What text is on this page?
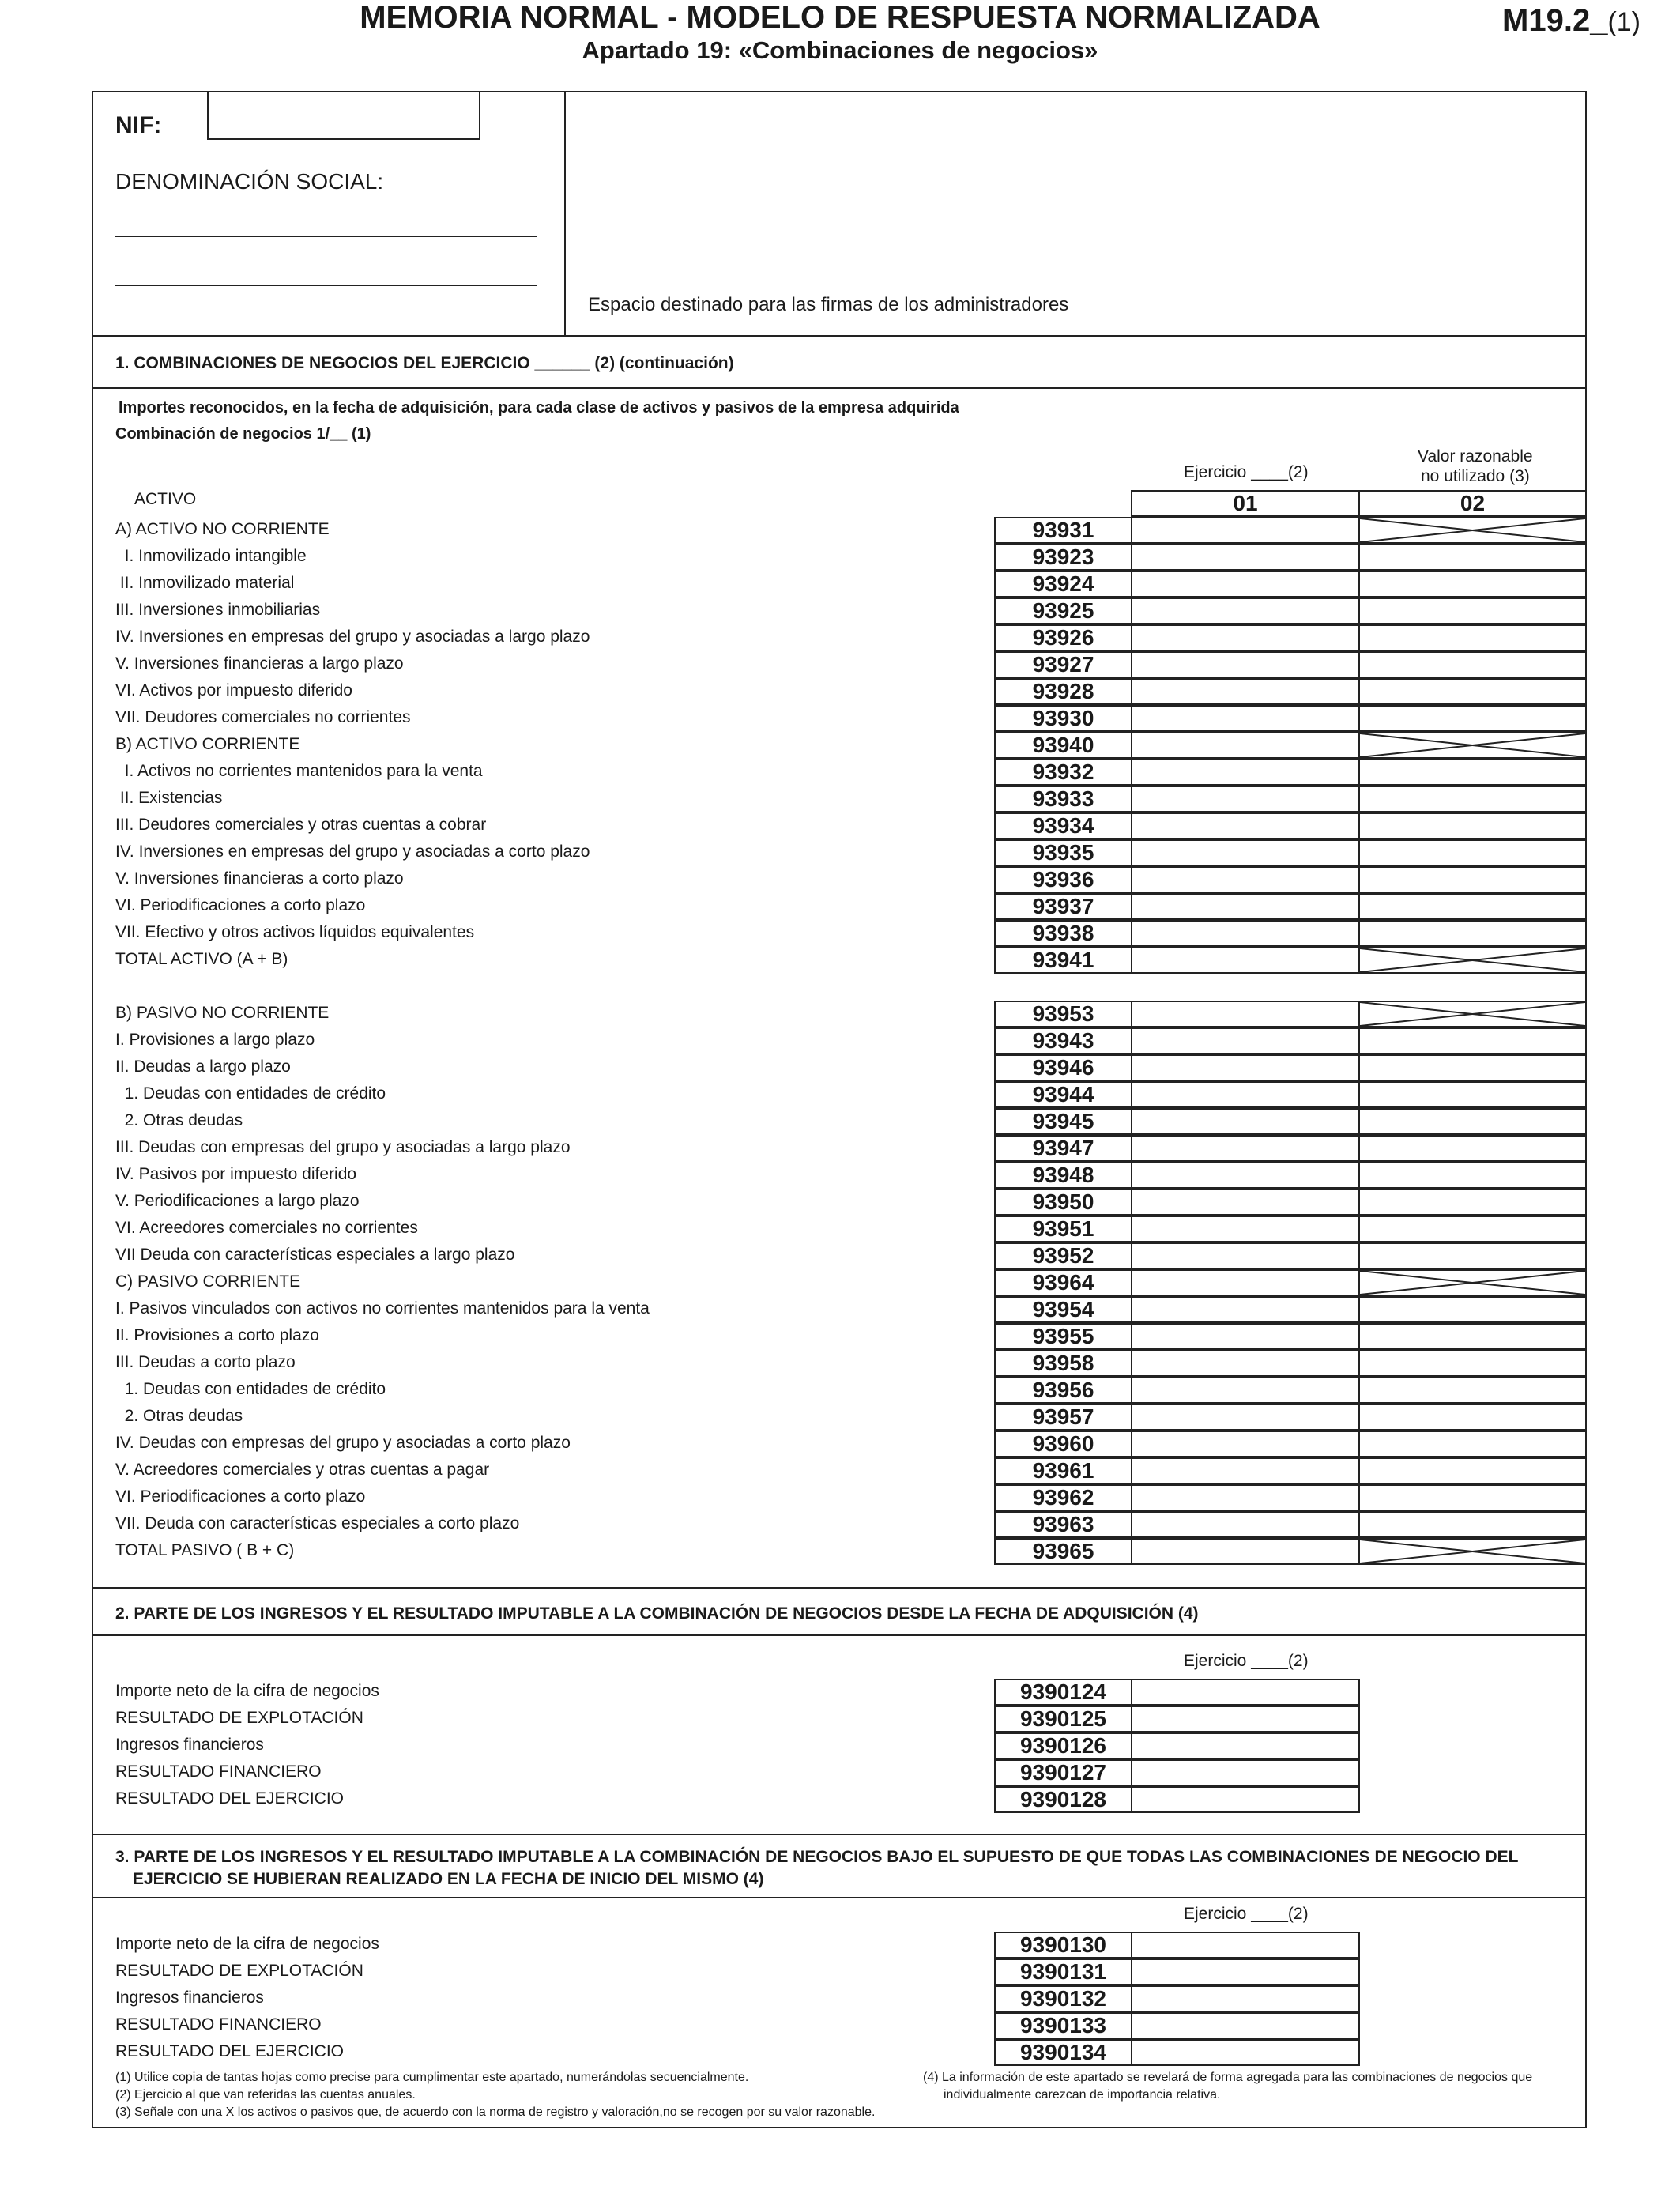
MEMORIA NORMAL - MODELO DE RESPUESTA NORMALIZADA
Apartado 19: «Combinaciones de negocios»
M19.2_(1)
NIF:
DENOMINACIÓN SOCIAL:
Espacio destinado para las firmas de los administradores
1. COMBINACIONES DE NEGOCIOS DEL EJERCICIO ______ (2) (continuación)
Importes reconocidos, en la fecha de adquisición, para cada clase de activos y pasivos de la empresa adquirida
Combinación de negocios 1/__ (1)
Ejercicio ____(2)
Valor razonable
no utilizado (3)
ACTIVO	01	02
A) ACTIVO NO CORRIENTE	93931
I. Inmovilizado intangible	93923
II. Inmovilizado material	93924
III. Inversiones inmobiliarias	93925
IV. Inversiones en empresas del grupo y asociadas a largo plazo	93926
V. Inversiones financieras a largo plazo	93927
VI. Activos por impuesto diferido	93928
VII. Deudores comerciales no corrientes	93930
B) ACTIVO CORRIENTE	93940
I. Activos no corrientes mantenidos para la venta	93932
II. Existencias	93933
III. Deudores comerciales y otras cuentas a cobrar	93934
IV. Inversiones en empresas del grupo y asociadas a corto plazo	93935
V. Inversiones financieras a corto plazo	93936
VI. Periodificaciones a corto plazo	93937
VII. Efectivo y otros activos líquidos equivalentes	93938
TOTAL ACTIVO (A + B)	93941
B) PASIVO NO CORRIENTE	93953
I. Provisiones a largo plazo	93943
II. Deudas a largo plazo	93946
1. Deudas con entidades de crédito	93944
2. Otras deudas	93945
III. Deudas con empresas del grupo y asociadas a largo plazo	93947
IV. Pasivos por impuesto diferido	93948
V. Periodificaciones a largo plazo	93950
VI. Acreedores comerciales no corrientes	93951
VII Deuda con características especiales a largo plazo	93952
C) PASIVO CORRIENTE	93964
I. Pasivos vinculados con activos no corrientes mantenidos para la venta	93954
II. Provisiones a corto plazo	93955
III. Deudas a corto plazo	93958
1. Deudas con entidades de crédito	93956
2. Otras deudas	93957
IV. Deudas con empresas del grupo y asociadas a corto plazo	93960
V. Acreedores comerciales y otras cuentas a pagar	93961
VI. Periodificaciones a corto plazo	93962
VII. Deuda con características especiales a corto plazo	93963
TOTAL PASIVO ( B + C)	93965
2. PARTE DE LOS INGRESOS Y EL RESULTADO IMPUTABLE A LA COMBINACIÓN DE NEGOCIOS DESDE LA FECHA DE ADQUISICIÓN (4)
Ejercicio ____(2)
Importe neto de la cifra de negocios	9390124
RESULTADO DE EXPLOTACIÓN	9390125
Ingresos financieros	9390126
RESULTADO FINANCIERO	9390127
RESULTADO DEL EJERCICIO	9390128
3. PARTE DE LOS INGRESOS Y EL RESULTADO IMPUTABLE A LA COMBINACIÓN DE NEGOCIOS BAJO EL SUPUESTO DE QUE TODAS LAS COMBINACIONES DE NEGOCIO DEL
EJERCICIO SE HUBIERAN REALIZADO EN LA FECHA DE INICIO DEL MISMO (4)
Ejercicio ____(2)
Importe neto de la cifra de negocios	9390130
RESULTADO DE EXPLOTACIÓN	9390131
Ingresos financieros	9390132
RESULTADO FINANCIERO	9390133
RESULTADO DEL EJERCICIO	9390134
(1) Utilice copia de tantas hojas como precise para cumplimentar este apartado, numerándolas secuencialmente.
(2) Ejercicio al que van referidas las cuentas anuales.
(3) Señale con una X los activos o pasivos que, de acuerdo con la norma de registro y valoración,no se recogen por su valor razonable.
(4) La información de este apartado se revelará de forma agregada para las combinaciones de negocios que
individualmente carezcan de importancia relativa.
